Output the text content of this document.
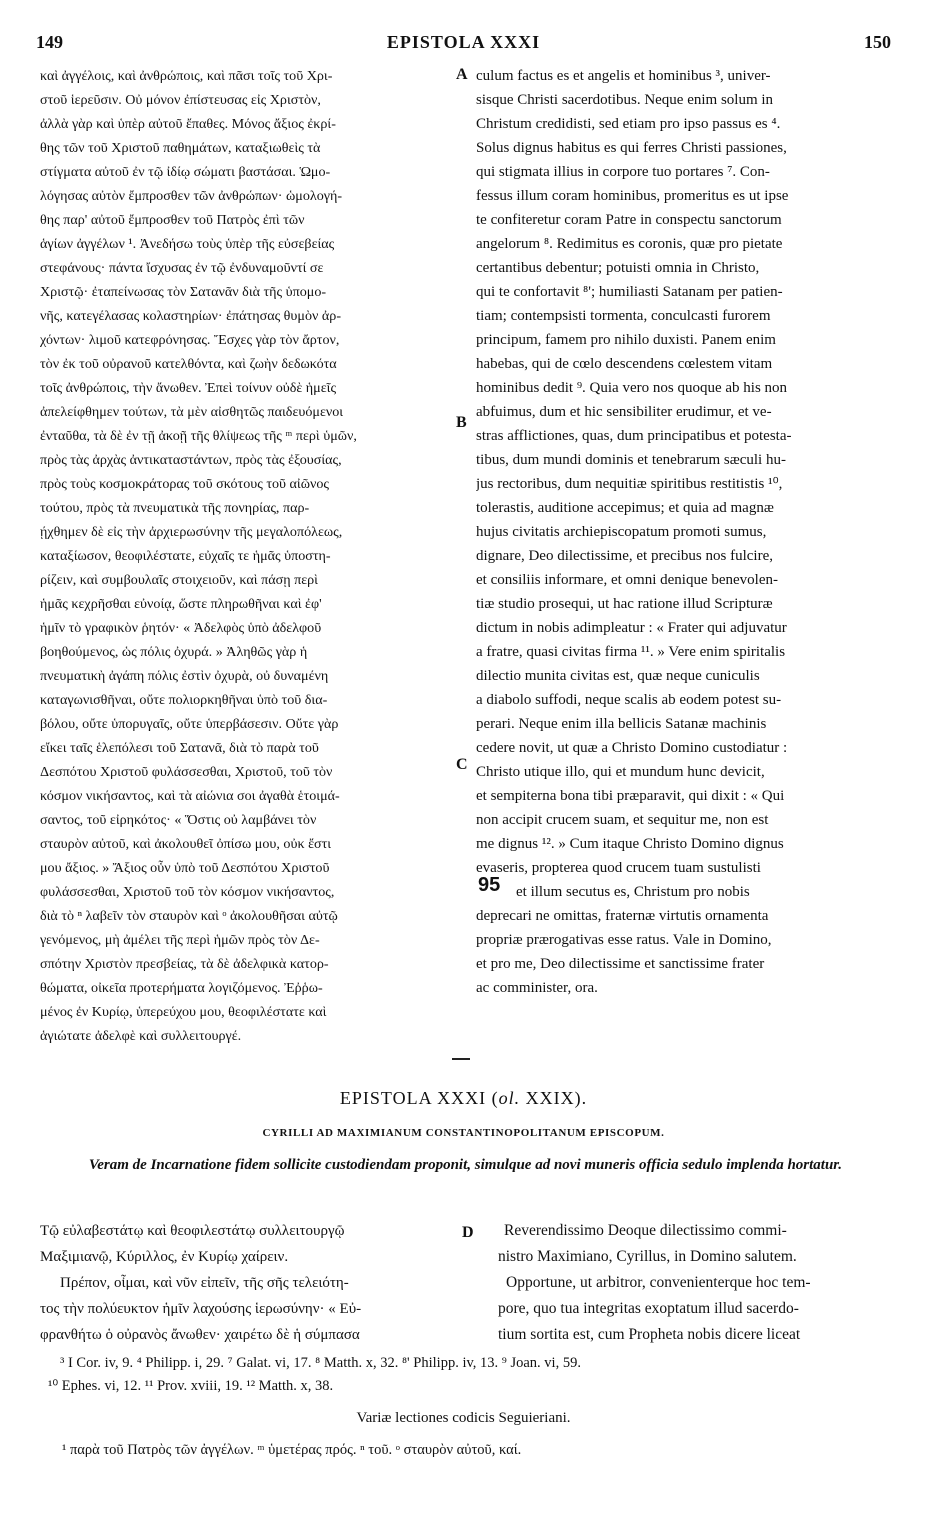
149	EPISTOLA XXXI	150
καὶ ἀγγέλοις, καὶ ἀνθρώποις, καὶ πᾶσι τοῖς τοῦ Χρι-
στοῦ ἱερεῦσιν. Οὐ μόνον ἐπίστευσας εἰς Χριστὸν,
ἀλλὰ γὰρ καὶ ὑπὲρ αὐτοῦ ἔπαθες. Μόνος ἄξιος ἐκρί-
θης τῶν τοῦ Χριστοῦ παθημάτων, καταξιωθεὶς τὰ
στίγματα αὐτοῦ ἐν τῷ ἰδίῳ σώματι βαστάσαι. Ὡμο-
λόγησας αὐτὸν ἔμπροσθεν τῶν ἀνθρώπων· ὡμολογή-
θης παρ' αὐτοῦ ἔμπροσθεν τοῦ Πατρὸς ἐπὶ τῶν
ἁγίων ἀγγέλων ¹. Ἀνεδήσω τοὺς ὑπὲρ τῆς εὐσεβείας
στεφάνους· πάντα ἴσχυσας ἐν τῷ ἐνδυναμοῦντί σε
Χριστῷ· ἐταπείνωσας τὸν Σατανᾶν διὰ τῆς ὑπομο-
νῆς, κατεγέλασας κολαστηρίων· ἐπάτησας θυμὸν ἀρ-
χόντων· λιμοῦ κατεφρόνησας. Ἔσχες γὰρ τὸν ἄρτον,
τὸν ἐκ τοῦ οὐρανοῦ κατελθόντα, καὶ ζωὴν δεδωκότα
τοῖς ἀνθρώποις, τὴν ἄνωθεν. Ἐπεὶ τοίνυν οὐδὲ ἡμεῖς
ἀπελείφθημεν τούτων, τὰ μὲν αἰσθητῶς παιδευόμενοι
ἐνταῦθα, τὰ δὲ ἐν τῇ ἀκοῇ τῆς θλίψεως τῆς ᵐ περὶ ὑμῶν,
πρὸς τὰς ἀρχὰς ἀντικαταστάντων, πρὸς τὰς ἐξουσίας,
πρὸς τοὺς κοσμοκράτορας τοῦ σκότους τοῦ αἰῶνος
τούτου, πρὸς τὰ πνευματικὰ τῆς πονηρίας, παρ-
ῄχθημεν δὲ εἰς τὴν ἀρχιερωσύνην τῆς μεγαλοπόλεως,
καταξίωσον, θεοφιλέστατε, εὐχαῖς τε ἡμᾶς ὑποστη-
ρίζειν, καὶ συμβουλαῖς στοιχειοῦν, καὶ πάσῃ περὶ
ἡμᾶς κεχρῆσθαι εὐνοίᾳ, ὥστε πληρωθῆναι καὶ ἐφ'
ἡμῖν τὸ γραφικὸν ῥητόν· « Ἀδελφὸς ὑπὸ ἀδελφοῦ
βοηθούμενος, ὡς πόλις ὀχυρά. » Ἀληθῶς γὰρ ἡ
πνευματικὴ ἀγάπη πόλις ἐστὶν ὀχυρὰ, οὐ δυναμένη
καταγωνισθῆναι, οὔτε πολιορκηθῆναι ὑπὸ τοῦ δια-
βόλου, οὔτε ὑπορυγαῖς, οὔτε ὑπερβάσεσιν. Οὔτε γὰρ
εἴκει ταῖς ἑλεπόλεσι τοῦ Σατανᾶ, διὰ τὸ παρὰ τοῦ
Δεσπότου Χριστοῦ φυλάσσεσθαι, Χριστοῦ, τοῦ τὸν
κόσμον νικήσαντος, καὶ τὰ αἰώνια σοι ἀγαθὰ ἑτοιμά-
σαντος, τοῦ εἰρηκότος· « Ὅστις οὐ λαμβάνει τὸν
σταυρὸν αὐτοῦ, καὶ ἀκολουθεῖ ὀπίσω μου, οὐκ ἔστι
μου ἄξιος. » Ἄξιος οὖν ὑπὸ τοῦ Δεσπότου Χριστοῦ
φυλάσσεσθαι, Χριστοῦ τοῦ τὸν κόσμον νικήσαντος,
διὰ τὸ ⁿ λαβεῖν τὸν σταυρὸν καὶ ᵒ ἀκολουθῆσαι αὐτῷ
γενόμενος, μὴ ἀμέλει τῆς περὶ ἡμῶν πρὸς τὸν Δε-
σπότην Χριστὸν πρεσβείας, τὰ δὲ ἀδελφικὰ κατορ-
θώματα, οἰκεῖα προτερήματα λογιζόμενος. Ἐῤῥω-
μένος ἐν Κυρίῳ, ὑπερεύχου μου, θεοφιλέστατε καὶ
ἁγιώτατε ἀδελφὲ καὶ συλλειτουργέ.
culum factus es et angelis et hominibus ³, univer-
sisque Christi sacerdotibus. Neque enim solum in
Christum credidisti, sed etiam pro ipso passus es ⁴.
Solus dignus habitus es qui ferres Christi passiones,
qui stigmata illius in corpore tuo portares ⁷. Con-
fessus illum coram hominibus, promeritus es ut ipse
te confiteretur coram Patre in conspectu sanctorum
angelorum ⁸. Redimitus es coronis, quæ pro pietate
certantibus debentur; potuisti omnia in Christo,
qui te confortavit ⁸'; humiliasti Satanam per patien-
tiam; contempsisti tormenta, conculcasti furorem
principum, famem pro nihilo duxisti. Panem enim
habebas, qui de cœlo descendens cœlestem vitam
hominibus dedit ⁹. Quia vero nos quoque ab his non
abfuimus, dum et hic sensibiliter erudimur, et ve-
stras afflictiones, quas, dum principatibus et potesta-
tibus, dum mundi dominis et tenebrarum sæculi hu-
jus rectoribus, dum nequitiæ spiritibus restitistis ¹⁰,
tolerastis, auditione accepimus; et quia ad magnæ
hujus civitatis archiepiscopatum promoti sumus,
dignare, Deo dilectissime, et precibus nos fulcire,
et consiliis informare, et omni denique benevolen-
tiæ studio prosequi, ut hac ratione illud Scripturæ
dictum in nobis adimpleatur : « Frater qui adjuvatur
a fratre, quasi civitas firma ¹¹. » Vere enim spiritalis
dilectio munita civitas est, quæ neque cuniculis
a diabolo suffodi, neque scalis ab eodem potest su-
perari. Neque enim illa bellicis Satanæ machinis
cedere novit, ut quæ a Christo Domino custodiatur :
Christo utique illo, qui et mundum hunc devicit,
et sempiterna bona tibi præparavit, qui dixit : « Qui
non accipit crucem suam, et sequitur me, non est
me dignus ¹². » Cum itaque Christo Domino dignus
evaseris, propterea quod crucem tuam sustulisti
et illum secutus es, Christum pro nobis
deprecari ne omittas, fraternæ virtutis ornamenta
propriæ prærogativas esse ratus. Vale in Domino,
et pro me, Deo dilectissime et sanctissime frater
ac comminister, ora.
95
A
B
C
D
EPISTOLA XXXI (ol. XXIX).
CYRILLI AD MAXIMIANUM CONSTANTINOPOLITANUM EPISCOPUM.
Veram de Incarnatione fidem sollicite custodiendam proponit, simulque ad novi muneris officia sedulo implenda hortatur.
Τῷ εὐλαβεστάτῳ καὶ θεοφιλεστάτῳ συλλειτουργῷ
Μαξιμιανῷ, Κύριλλος, ἐν Κυρίῳ χαίρειν.
Πρέπον, οἶμαι, καὶ νῦν εἰπεῖν, τῆς σῆς τελειότη-
τος τὴν πολύευκτον ἡμῖν λαχούσης ἱερωσύνην· « Εὐ-
φρανθήτω ὁ οὐρανὸς ἄνωθεν· χαιρέτω δὲ ἡ σύμπασα
Reverendissimo Deoque dilectissimo commi-
nistro Maximiano, Cyrillus, in Domino salutem.
Opportune, ut arbitror, convenienterque hoc tem-
pore, quo tua integritas exoptatum illud sacerdo-
tium sortita est, cum Propheta nobis dicere liceat
³ I Cor. iv, 9. ⁴ Philipp. i, 29. ⁷ Galat. vi, 17. ⁸ Matth. x, 32. ⁸' Philipp. iv, 13. ⁹ Joan. vi, 59.
¹⁰ Ephes. vi, 12. ¹¹ Prov. xviii, 19. ¹² Matth. x, 38.
Variæ lectiones codicis Seguieriani.
¹ παρὰ τοῦ Πατρὸς τῶν ἀγγέλων. ᵐ ὑμετέρας πρός. ⁿ τοῦ. ᵒ σταυρὸν αὐτοῦ, καί.
